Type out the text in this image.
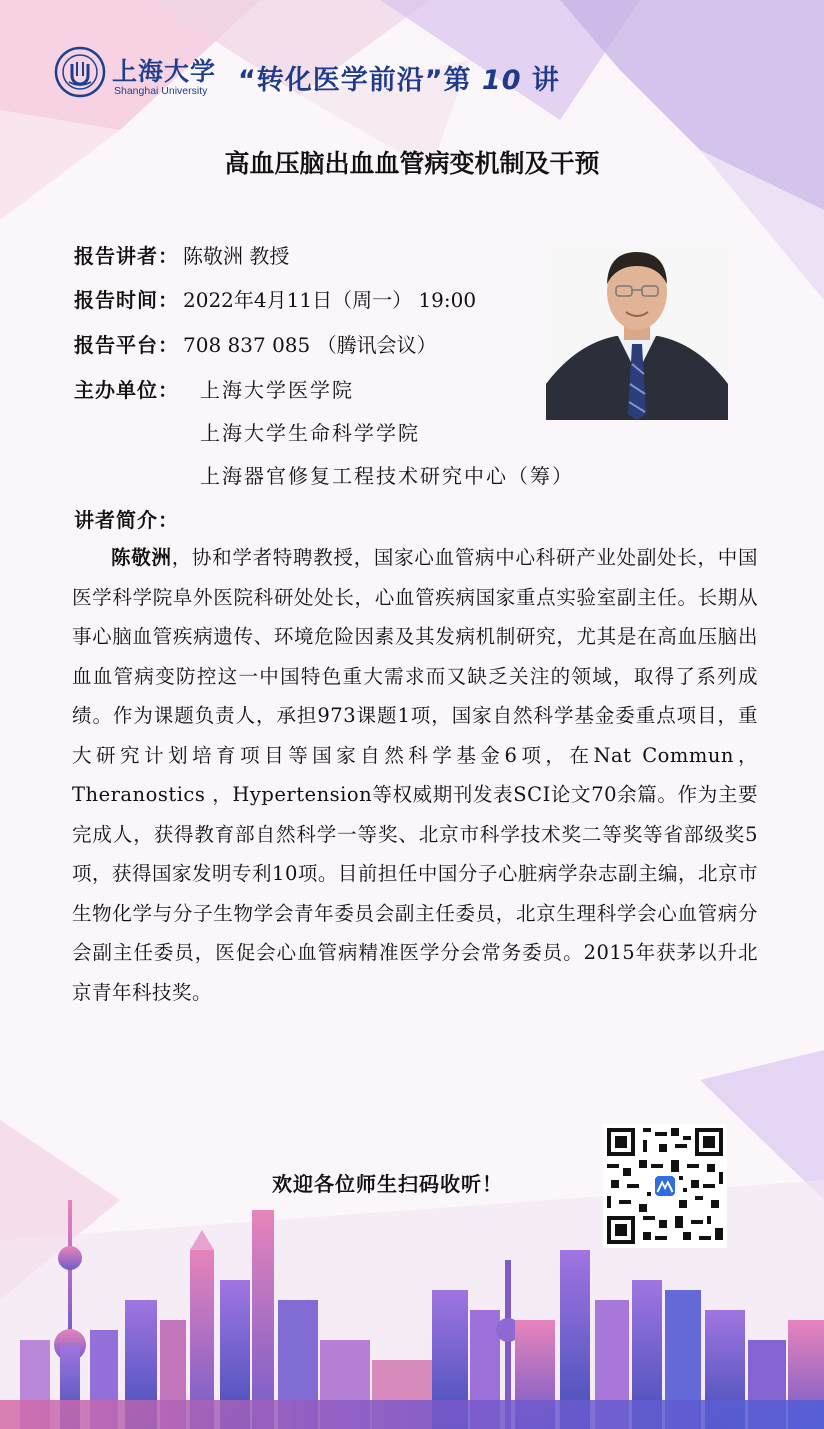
上海大学
Shanghai University “转化医学前沿”第 10 讲
高血压脑出血血管病变机制及干预
报告讲者： 陈敬洲 教授
报告时间： 2022年4月11日（周一） 19:00
报告平台： 708 837 085 （腾讯会议）
主办单位： 上海大学医学院
上海大学生命科学学院
上海器官修复工程技术研究中心（筹）
讲者简介：
陈敬洲，协和学者特聘教授，国家心血管病中心科研产业处副处长，中国医学科学院阜外医院科研处处长，心血管疾病国家重点实验室副主任。长期从事心脑血管疾病遗传、环境危险因素及其发病机制研究，尤其是在高血压脑出血血管病变防控这一中国特色重大需求而又缺乏关注的领域，取得了系列成绩。作为课题负责人，承担973课题1项，国家自然科学基金委重点项目，重大研究计划培育项目等国家自然科学基金6项，在Nat Commun，Theranostics ，Hypertension等权威期刊发表SCI论文70余篇。作为主要完成人，获得教育部自然科学一等奖、北京市科学技术奖二等奖等省部级奖5项，获得国家发明专利10项。目前担任中国分子心脏病学杂志副主编，北京市生物化学与分子生物学会青年委员会副主任委员，北京生理科学会心血管病分会副主任委员，医促会心血管病精准医学分会常务委员。2015年获茅以升北京青年科技奖。
欢迎各位师生扫码收听！
